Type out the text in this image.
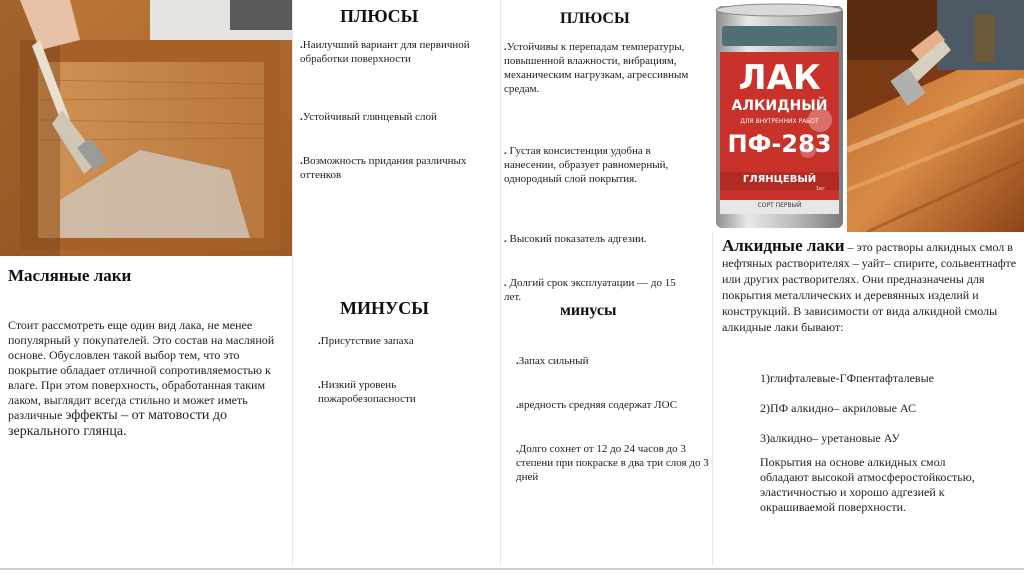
Масляные лаки
Стоит рассмотреть еще один вид лака, не менее популярный у покупателей. Это состав на масляной основе. Обусловлен такой выбор тем, что это покрытие обладает отличной сопротивляемостью к влаге. При этом поверхность, обработанная таким лаком, выглядит всегда стильно и может иметь различные эффекты – от матовости до зеркального глянца.
ПЛЮСЫ
. Наилучший вариант для первичной обработки поверхности
. Устойчивый глянцевый слой
. Возможность придания различных оттенков
МИНУСЫ
. Присутствие запаха
. Низкий уровень пожаробезопасности
ПЛЮСЫ
. Устойчивы к перепадам температуры, повышенной влажности, вибрациям, механическим нагрузкам, агрессивным средам.
. Густая консистенция удобна в нанесении, образует равномерный, однородный слой покрытия.
. Высокий показатель адгезии.
. Долгий срок эксплуатации — до 15 лет.
минусы
. Запах сильный
. вредность средняя содержат ЛОС
. Долго сохнет от 12 до 24 часов до 3 степени при покраске в два три слоя до 3 дней
ЛАК
АЛКИДНЫЙ
ДЛЯ ВНУТРЕННИХ РАБОТ
ПФ-283
ГЛЯНЦЕВЫЙ
1кг
СОРТ ПЕРВЫЙ
Алкидные лаки – это растворы алкидных смол в нефтяных растворителях – уайт– спирите, сольвентнафте или других растворителях. Они предназначены для покрытия металлических и деревянных изделий и конструкций. В зависимости от вида алкидной смолы алкидные лаки бывают:
1)глифталевые-ГФпентафталевые
2)ПФ алкидно– акриловые АС
3)алкидно– уретановые АУ
Покрытия на основе алкидных смол обладают высокой атмосферостойкостью, эластичностью и хорошо адгезией к окрашиваемой поверхности.
